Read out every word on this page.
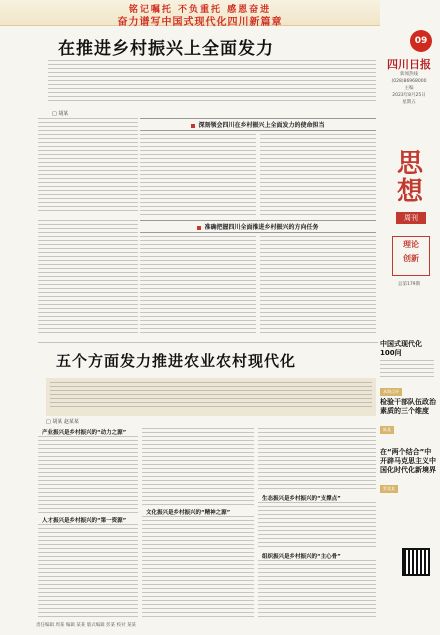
铭记嘱托 不负重托 感恩奋进
奋力谱写中国式现代化四川新篇章
在推进乡村振兴上全面发力
□ 胡某
深刻领会四川在乡村振兴上全面发力的使命担当
准确把握四川全面推进乡村振兴的方向任务
五个方面发力推进农业农村现代化
□ 胡某 赵某某
产业振兴是乡村振兴的“动力之源”
人才振兴是乡村振兴的“第一资源”
文化振兴是乡村振兴的“精神之源”
生态振兴是乡村振兴的“支撑点”
组织振兴是乡村振兴的“主心骨”
09
四川日报
新闻热线
(028)86968000
主编
2023年8月25日
星期五
思想
周刊
理论
创新
总第179期
中国式现代化100问
本期点评
检验干部队伍政治素质的三个维度
陈某
在“两个结合”中开辟马克思主义中国化时代化新境界
罗某某
责任编辑 周某 编辑 某某 版式编辑 彭某 校对 某某
